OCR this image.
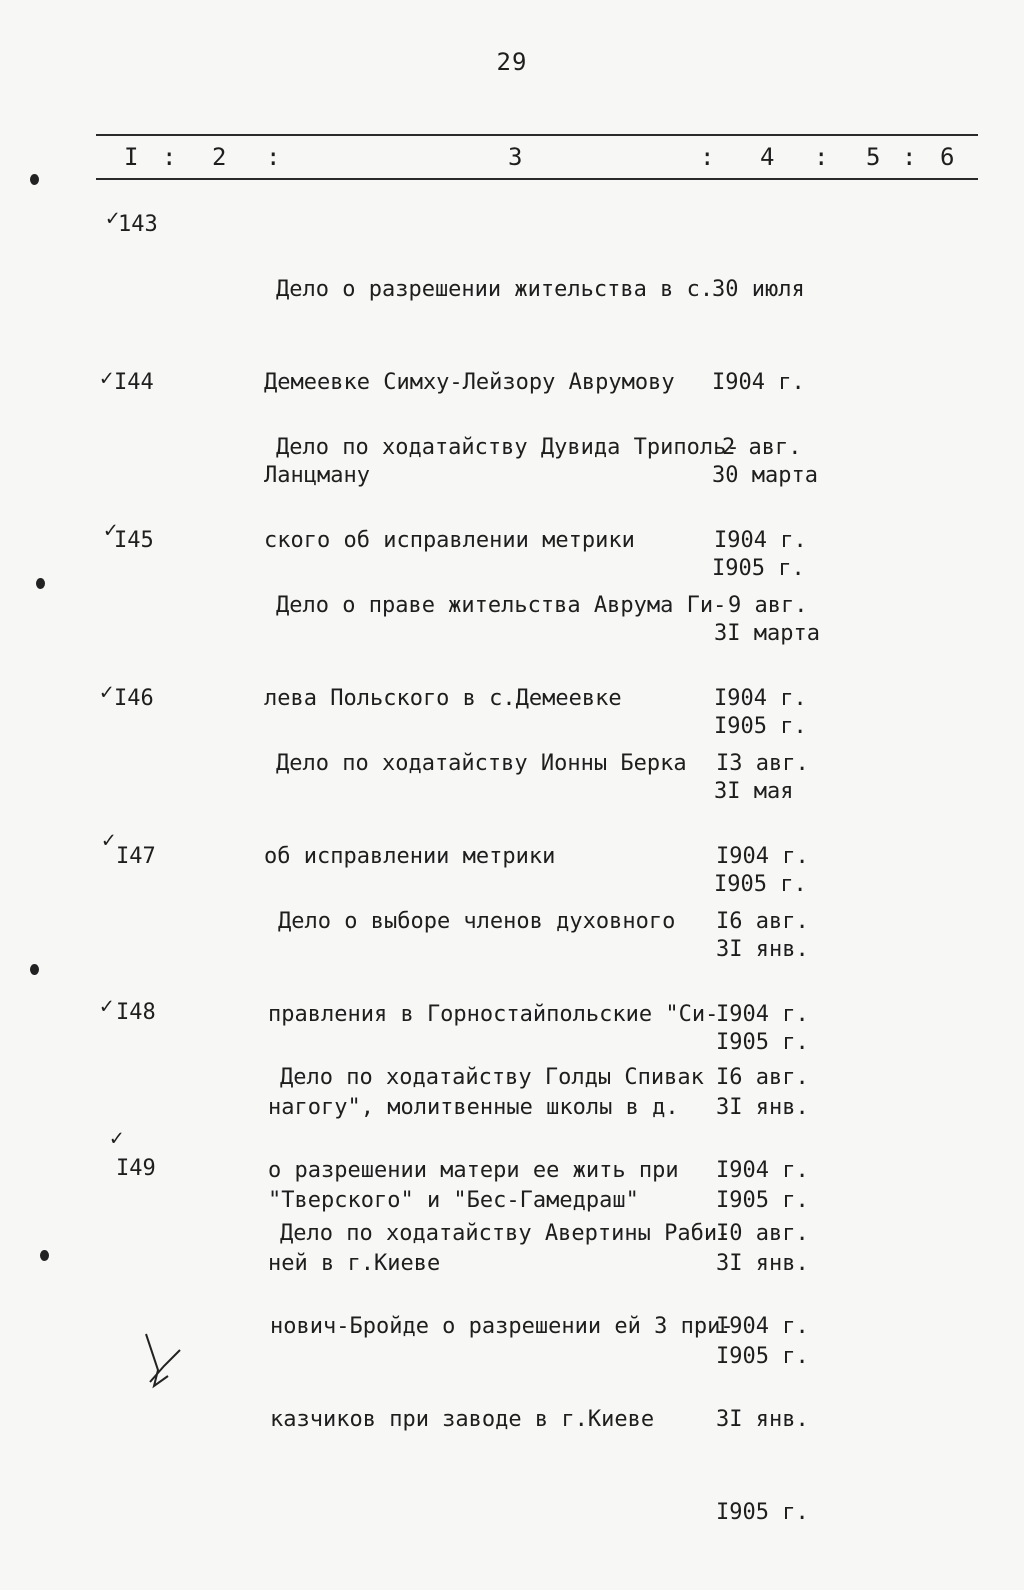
29
I : 2 :	3	: 4 : 5 : 6
✓
143

Дело о разрешении жительства в с.

Демеевке Симху-Лейзору Аврумову

Ланцману

30 июля

I904 г.

30 марта

I905 г.

✓ I44

Дело по ходатайству Дувида Триполь-

ского об исправлении метрики

2 авг.

I904 г.

3I марта

I905 г.

✓
I45

Дело о праве жительства Аврума Ги-

лева Польского в с.Демеевке

9 авг.

I904 г.

3I мая

I905 г.

✓ I46

Дело по ходатайству Ионны Берка

об исправлении метрики

I3 авг.

I904 г.

3I янв.

I905 г.

✓
I47

Дело о выборе членов духовного

правления в Горностайпольские "Си-

нагогу", молитвенные школы в д.

"Тверского" и "Бес-Гамедраш"

I6 авг.

I904 г.

3I янв.

I905 г.

✓ I48

Дело по ходатайству Голды Спивак

о разрешении матери ее жить при

ней в г.Киеве

I6 авг.

I904 г.

3I янв.

I905 г.

✓
I49

Дело по ходатайству Авертины Раби-

нович-Бройде о разрешении ей 3 при-

казчиков при заводе в г.Киеве

I0 авг.

I904 г.

3I янв.

I905 г.
